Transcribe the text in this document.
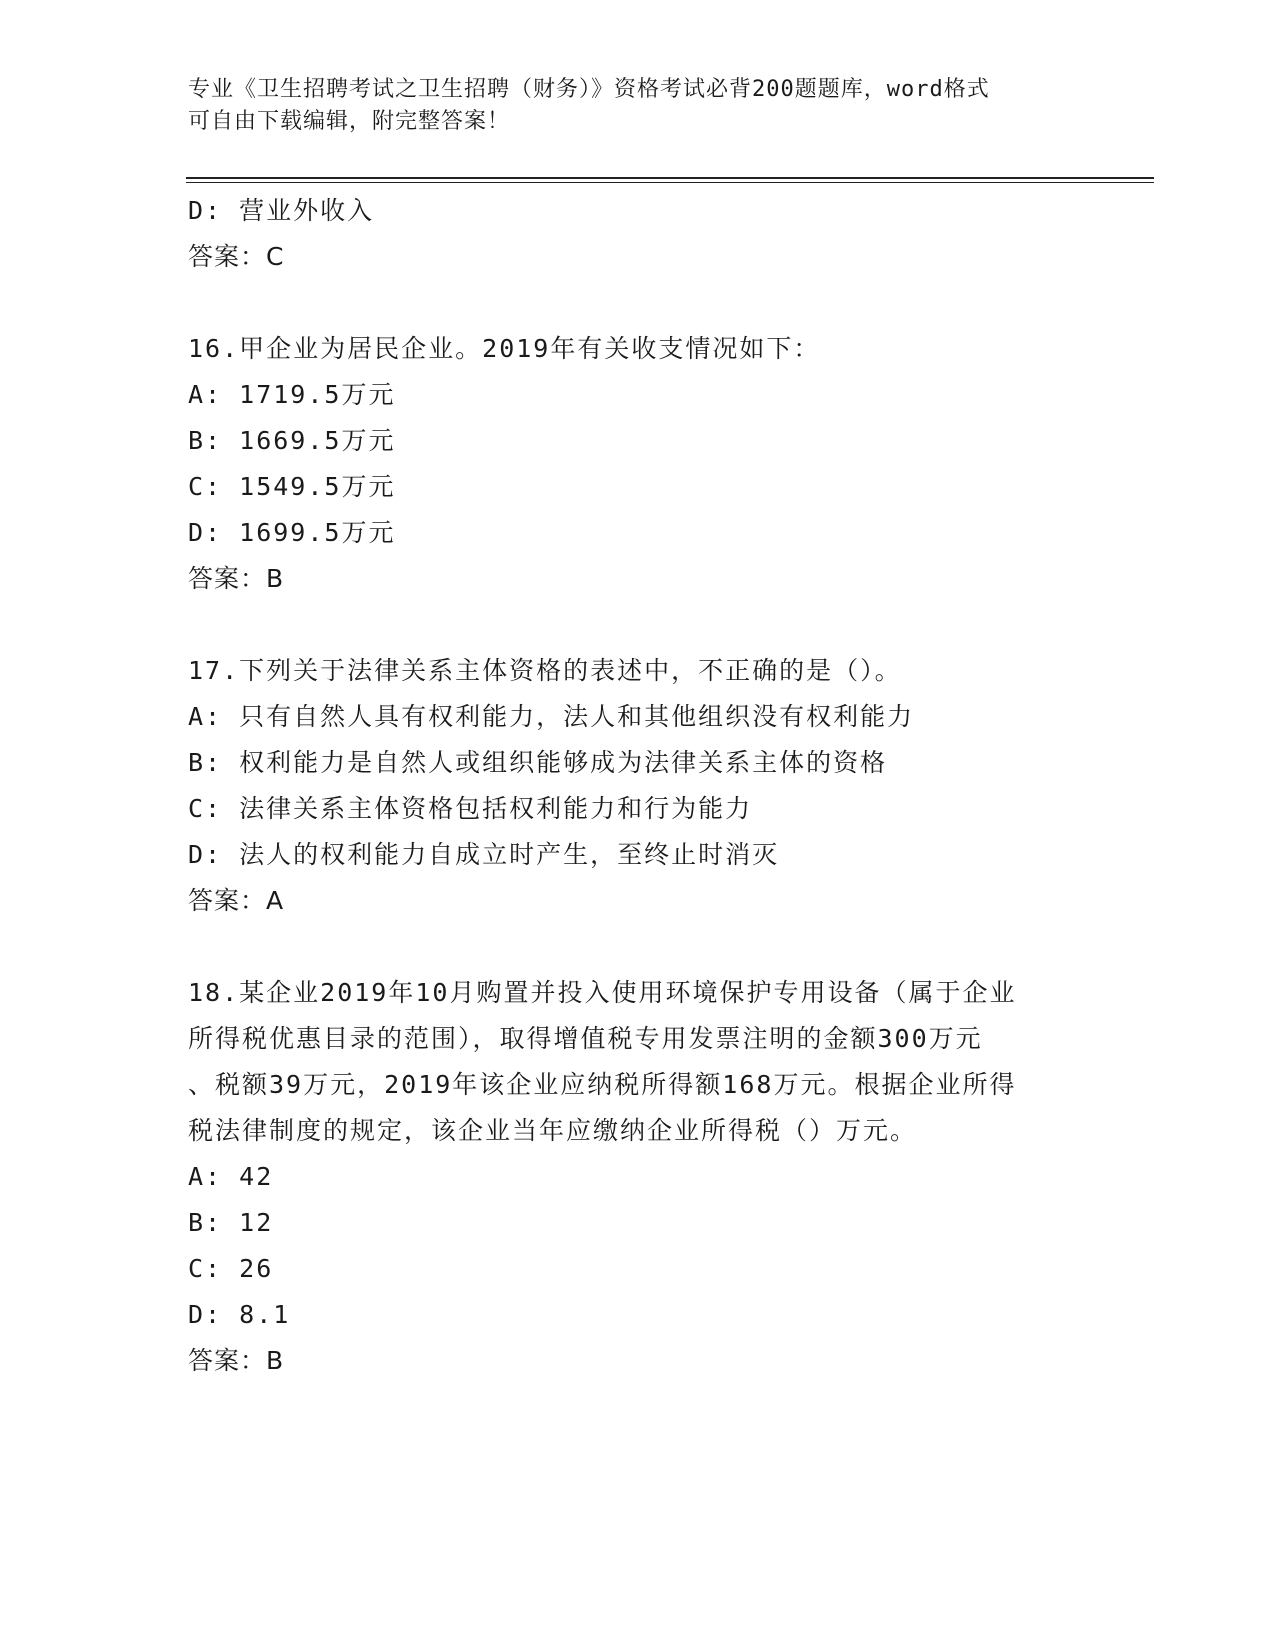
专业《卫生招聘考试之卫生招聘（财务）》资格考试必背200题题库，word格式
可自由下载编辑，附完整答案！
D: 营业外收入
答案：C
16.甲企业为居民企业。2019年有关收支情况如下：
A: 1719.5万元
B: 1669.5万元
C: 1549.5万元
D: 1699.5万元
答案：B
17.下列关于法律关系主体资格的表述中，不正确的是（）。
A: 只有自然人具有权利能力，法人和其他组织没有权利能力
B: 权利能力是自然人或组织能够成为法律关系主体的资格
C: 法律关系主体资格包括权利能力和行为能力
D: 法人的权利能力自成立时产生，至终止时消灭
答案：A
18.某企业2019年10月购置并投入使用环境保护专用设备（属于企业
所得税优惠目录的范围），取得增值税专用发票注明的金额300万元
、税额39万元，2019年该企业应纳税所得额168万元。根据企业所得
税法律制度的规定，该企业当年应缴纳企业所得税（）万元。
A: 42
B: 12
C: 26
D: 8.1
答案：B
